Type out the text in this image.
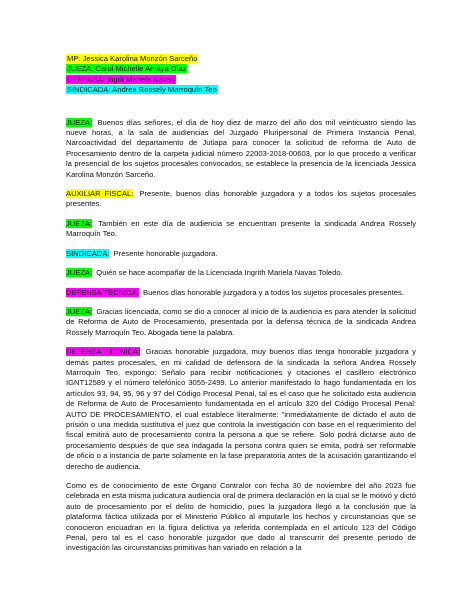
MP: Jessica Karolina Monzón Sarceño
JUEZA: Carol Michelle Amaya Díaz
DEFENSA: Ingrit Mariela Navas
SINDICADA: Andrea Rossely Marroquín Teo

JUEZA: Buenos días señores, el día de hoy diez de marzo del año dos mil veinticuatro siendo las nueve horas, a la sala de audiencias del Juzgado Pluripersonal de Primera Instancia Penal, Narcoactividad del departamento de Jutiapa para conocer la solicitud de reforma de Auto de Procesamiento dentro de la carpeta judicial número 22003-2018-00603, por lo que procedo a verificar la presencial de los sujetos procesales convocados, se establece la presencia de la licenciada Jessica Karolina Monzón Sarceño.

AUXILIAR FISCAL: Presente, buenos días honorable juzgadora y a todos los sujetos procesales presentes.

JUEZA: También en este día de audiencia se encuentran presente la sindicada Andrea Rossely Marroquín Teo.

SINDICADA: Presente honorable juzgadora.

JUEZA: Quién se hace acompañar de la Licenciada Ingrith Mariela Navas Toledo.

DEFENSA TECNICA: Buenos días honorable juzgadora y a todos los sujetos procesales presentes.

JUEZA: Gracias licenciada, como se dio a conocer al inicio de la audiencia es para atender la solicitud de Reforma de Auto de Procesamiento, presentada por la defensa técnica de la sindicada Andrea Rossely Marroquín Teo. Abogada tiene la palabra.

DEFENSA TECNICA: Gracias honorable juzgadora, muy buenos días tenga honorable juzgadora y demás partes procesales, en mi calidad de defensora de la sindicada la señora Andrea Rossely Marroquín Teo, expongo: Señalo para recibir notificaciones y citaciones el casillero electrónico IGNT12589 y el número telefónico 3055-2499. Lo anterior manifestado lo hago fundamentada en los artículos 93, 94, 95, 96 y 97 del Código Procesal Penal, tal es el caso que he solicitado esta audiencia de Reforma de Auto de Procesamiento fundamentada en el artículo 320 del Código Procesal Penal: AUTO DE PROCESAMIENTO, el cual establece literalmente: "inmediatamente de dictado el auto de prisión o una medida sustitutiva el juez que controla la investigación con base en el requerimiento del fiscal emitirá auto de procesamiento contra la persona a que se refiere. Solo podrá dictarse auto de procesamiento después de que sea indagada la persona contra quien se emita, podrá ser reformable de oficio o a instancia de parte solamente en la fase preparatoria antes de la acusación garantizando el derecho de audiencia.

Como es de conocimiento de este Órgano Contralor con fecha 30 de noviembre del año 2023 fue celebrada en esta misma judicatura audiencia oral de primera declaración en la cual se le motivó y dictó auto de procesamiento por el delito de homicidio, pues la juzgadora llegó a la conclusión que la plataforma fáctica utilizada por el Ministerio Público al imputarle los hechos y circunstancias que se conocieron encuadran en la figura delictiva ya referida contemplada en el artículo 123 del Código Penal, pero tal es el caso honorable juzgador que dado al transcurrir del presente periodo de investigación las circunstancias primitivas han variado en relación a la
